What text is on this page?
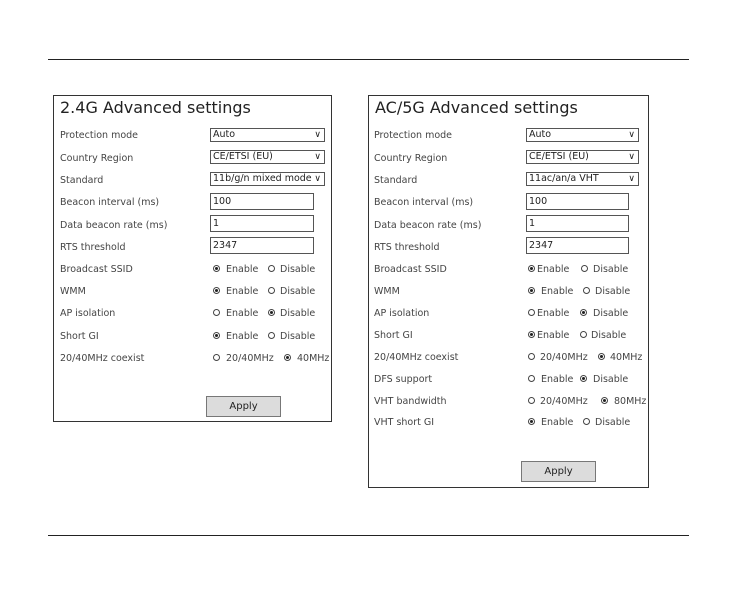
2.4G Advanced settings
Protection mode	Auto	∨
Country Region	CE/ETSI (EU)	∨
Standard	11b/g/n mixed mode ∨
Beacon interval (ms)	100
Data beacon rate (ms)	1
RTS threshold	2347
Broadcast SSID	Enable Disable
WMM	Enable Disable
AP isolation	Enable Disable
Short GI	Enable Disable
20/40MHz coexist	20/40MHz 40MHz
Apply
AC/5G Advanced settings
Protection mode	Auto	∨
Country Region	CE/ETSI (EU)	∨
Standard	11ac/an/a VHT	∨
Beacon interval (ms)	100
Data beacon rate (ms)	1
RTS threshold	2347
Broadcast SSID	Enable Disable
WMM	Enable Disable
AP isolation	Enable Disable
Short GI	Enable Disable
20/40MHz coexist	20/40MHz 40MHz
DFS support	Enable Disable
VHT bandwidth	20/40MHz	80MHz
VHT short GI	Enable Disable
Apply
